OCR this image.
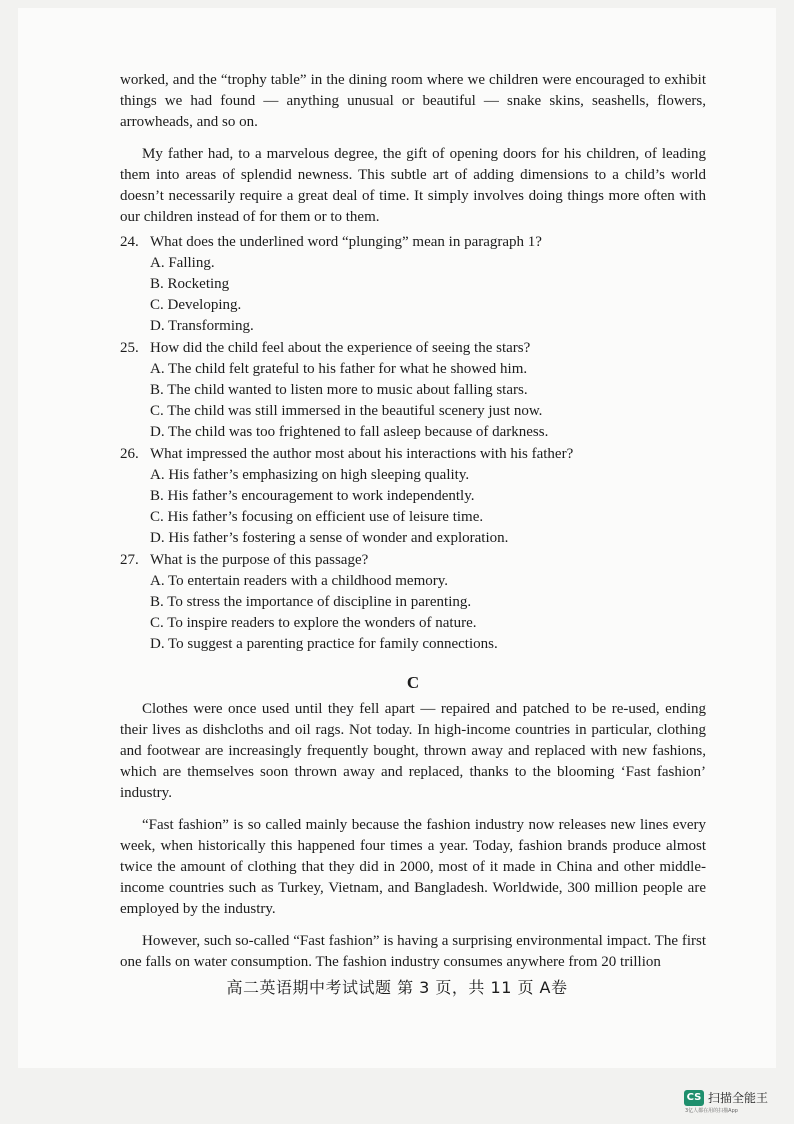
worked, and the “trophy table” in the dining room where we children were encouraged to exhibit things we had found — anything unusual or beautiful — snake skins, seashells, flowers, arrowheads, and so on.

My father had, to a marvelous degree, the gift of opening doors for his children, of leading them into areas of splendid newness. This subtle art of adding dimensions to a child’s world doesn’t necessarily require a great deal of time. It simply involves doing things more often with our children instead of for them or to them.

24. What does the underlined word “plunging” mean in paragraph 1?
A. Falling.
B. Rocketing
C. Developing.
D. Transforming.
25. How did the child feel about the experience of seeing the stars?
A. The child felt grateful to his father for what he showed him.
B. The child wanted to listen more to music about falling stars.
C. The child was still immersed in the beautiful scenery just now.
D. The child was too frightened to fall asleep because of darkness.
26. What impressed the author most about his interactions with his father?
A. His father’s emphasizing on high sleeping quality.
B. His father’s encouragement to work independently.
C. His father’s focusing on efficient use of leisure time.
D. His father’s fostering a sense of wonder and exploration.
27. What is the purpose of this passage?
A. To entertain readers with a childhood memory.
B. To stress the importance of discipline in parenting.
C. To inspire readers to explore the wonders of nature.
D. To suggest a parenting practice for family connections.
C

Clothes were once used until they fell apart — repaired and patched to be re-used, ending their lives as dishcloths and oil rags. Not today. In high-income countries in particular, clothing and footwear are increasingly frequently bought, thrown away and replaced with new fashions, which are themselves soon thrown away and replaced, thanks to the blooming ‘Fast fashion’ industry.

“Fast fashion” is so called mainly because the fashion industry now releases new lines every week, when historically this happened four times a year. Today, fashion brands produce almost twice the amount of clothing that they did in 2000, most of it made in China and other middle-income countries such as Turkey, Vietnam, and Bangladesh. Worldwide, 300 million people are employed by the industry.

However, such so-called “Fast fashion” is having a surprising environmental impact. The first one falls on water consumption. The fashion industry consumes anywhere from 20 trillion

高二英语期中考试试题 第 3 页，共 11 页 A卷
CS 扫描全能王
3亿人都在用的扫描App
